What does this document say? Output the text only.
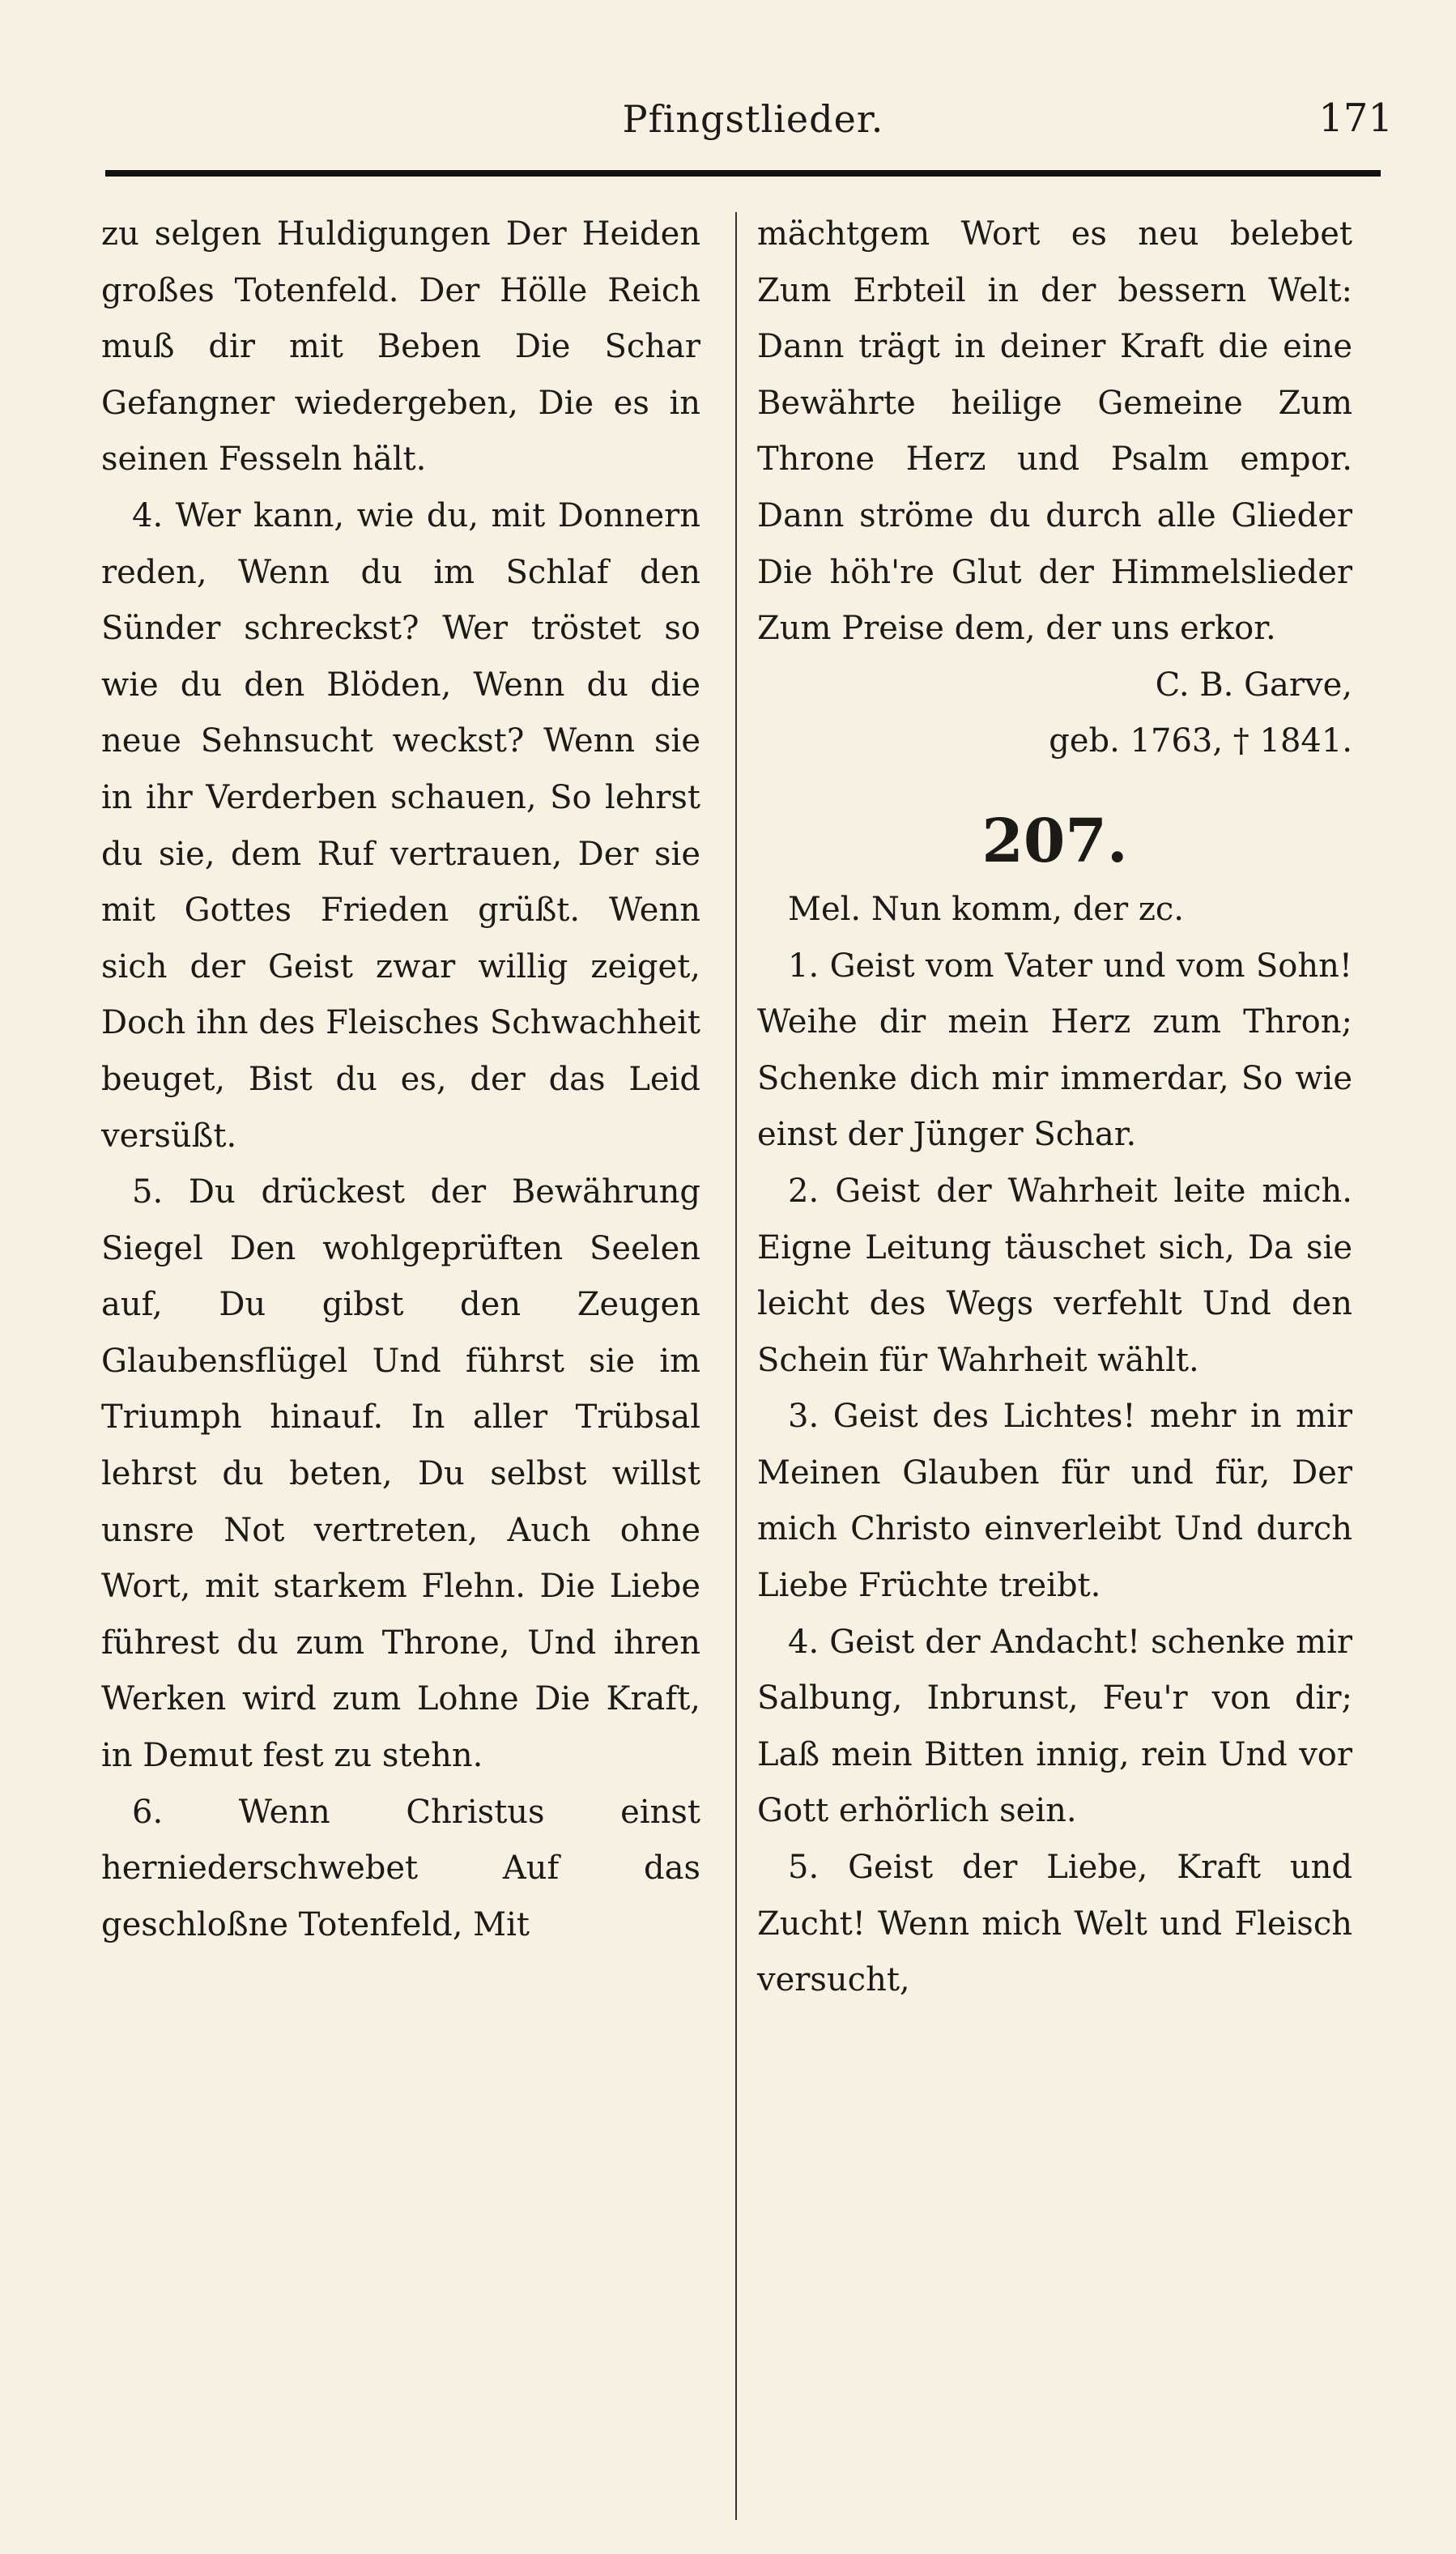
Pfingstlieder.	171

zu selgen Huldigungen Der Heiden großes Totenfeld. Der Hölle Reich muß dir mit Beben Die Schar Gefangner wiedergeben, Die es in seinen Fesseln hält.

4. Wer kann, wie du, mit Donnern reden, Wenn du im Schlaf den Sünder schreckst? Wer tröstet so wie du den Blöden, Wenn du die neue Sehnsucht weckst? Wenn sie in ihr Verderben schauen, So lehrst du sie, dem Ruf vertrauen, Der sie mit Gottes Frieden grüßt. Wenn sich der Geist zwar willig zeiget, Doch ihn des Fleisches Schwachheit beuget, Bist du es, der das Leid versüßt.

5. Du drückest der Bewährung Siegel Den wohlgeprüften Seelen auf, Du gibst den Zeugen Glaubensflügel Und führst sie im Triumph hinauf. In aller Trübsal lehrst du beten, Du selbst willst unsre Not vertreten, Auch ohne Wort, mit starkem Flehn. Die Liebe führest du zum Throne, Und ihren Werken wird zum Lohne Die Kraft, in Demut fest zu stehn.

6. Wenn Christus einst herniederschwebet Auf das geschloßne Totenfeld, Mit

mächtgem Wort es neu belebet Zum Erbteil in der bessern Welt: Dann trägt in deiner Kraft die eine Bewährte heilige Gemeine Zum Throne Herz und Psalm empor. Dann ströme du durch alle Glieder Die höh're Glut der Himmelslieder Zum Preise dem, der uns erkor.

C. B. Garve,

geb. 1763, † 1841.

207.

Mel. Nun komm, der zc.

1. Geist vom Vater und vom Sohn! Weihe dir mein Herz zum Thron; Schenke dich mir immerdar, So wie einst der Jünger Schar.

2. Geist der Wahrheit leite mich. Eigne Leitung täuschet sich, Da sie leicht des Wegs verfehlt Und den Schein für Wahrheit wählt.

3. Geist des Lichtes! mehr in mir Meinen Glauben für und für, Der mich Christo einverleibt Und durch Liebe Früchte treibt.

4. Geist der Andacht! schenke mir Salbung, Inbrunst, Feu'r von dir; Laß mein Bitten innig, rein Und vor Gott erhörlich sein.

5. Geist der Liebe, Kraft und Zucht! Wenn mich Welt und Fleisch versucht,
